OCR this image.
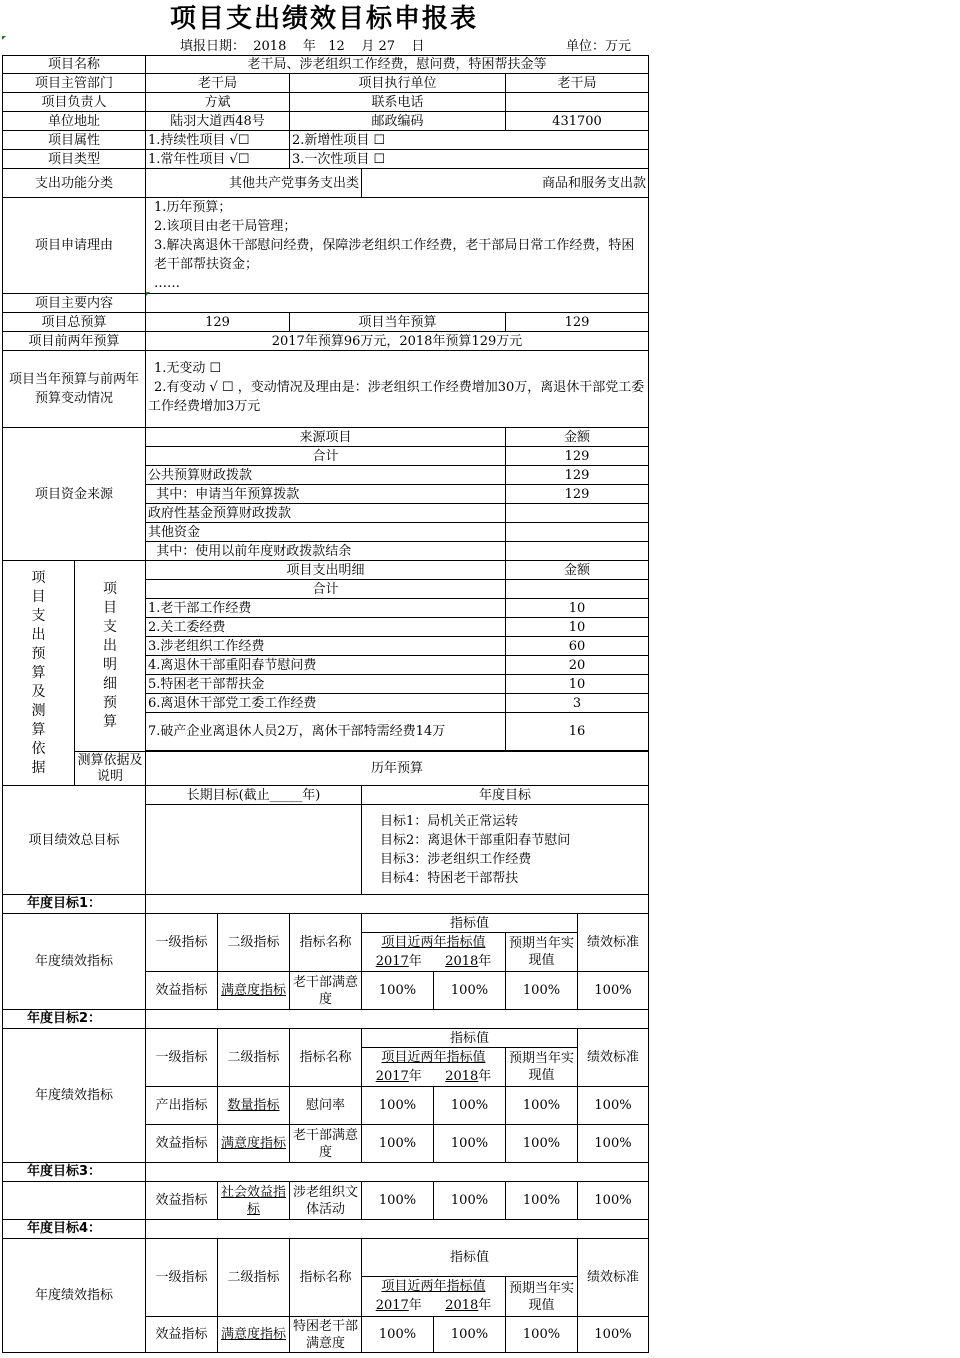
项目支出绩效目标申报表
填报日期：  2018    年   12    月 27    日	单位：万元
项目名称		老干局、涉老组织工作经费，慰问费，特困帮扶金等						
项目主管部门		老干局		项目执行单位			老干局	
项目负责人		方斌		联系电话				
单位地址		陆羽大道西48号		邮政编码			431700	
项目属性		1.持续性项目 √☐		2.新增性项目 ☐				
项目类型		1.常年性项目 √☐		3.一次性项目 ☐				
支出功能分类		其他共产党事务支出类			商品和服务支出款			
项目申请理由		1.历年预算；
2.该项目由老干局管理；
3.解决离退休干部慰问经费，保障涉老组织工作经费，老干部局日常工作经费，特困老干部帮扶资金；
……						

项目主要内容								
项目总预算		129		项目当年预算			129	
项目前两年预算		2017年预算96万元，2018年预算129万元						
项目当年预算与前两年预算变动情况		1.无变动 ☐
2.有变动 √ ☐ ，变动情况及理由是：涉老组织工作经费增加30万，离退休干部党工委工作经费增加3万元						

项目资金来源		来源项目					金额	
		合计					129	
		公共预算财政拨款					129	
		其中：申请当年预算拨款					129	
		政府性基金预算财政拨款						
		其他资金						
		其中：使用以前年度财政拨款结余						

项目支出预算及测算依据	项目支出明细预算	项目支出明细					金额	
		合计						
		1.老干部工作经费					10	
		2.关工委经费					10	
		3.涉老组织工作经费					60	
		4.离退休干部重阳春节慰问费					20	
		5.特困老干部帮扶金					10	
		6.离退休干部党工委工作经费					3	
		7.破产企业离退休人员2万，离休干部特需经费14万					16	

	测算依据及说明	历年预算						
项目绩效总目标		长期目标(截止_____年)			年度目标			

					目标1：局机关正常运转
目标2：离退休干部重阳春节慰问
目标3：涉老组织工作经费
目标4：特困老干部帮扶			

年度目标1：								
年度绩效指标		一级指标	二级指标	指标名称	指标值			绩效标准

					项目近两年指标值
2017年 2018年		预期当年实现值	
		效益指标	满意度指标	老干部满意度	100%	100%	100%	100%
年度目标2：								
年度绩效指标		一级指标	二级指标	指标名称	指标值			绩效标准

					项目近两年指标值
2017年 2018年		预期当年实现值	
		产出指标	数量指标	慰问率	100%	100%	100%	100%
		效益指标	满意度指标	老干部满意度	100%	100%	100%	100%
年度目标3：								
		效益指标	社会效益指标	涉老组织文体活动	100%	100%	100%	100%
年度目标4：								
年度绩效指标		一级指标	二级指标	指标名称	指标值			绩效标准

					项目近两年指标值
2017年 2018年		预期当年实现值	
		效益指标	满意度指标	特困老干部满意度	100%	100%	100%	100%
